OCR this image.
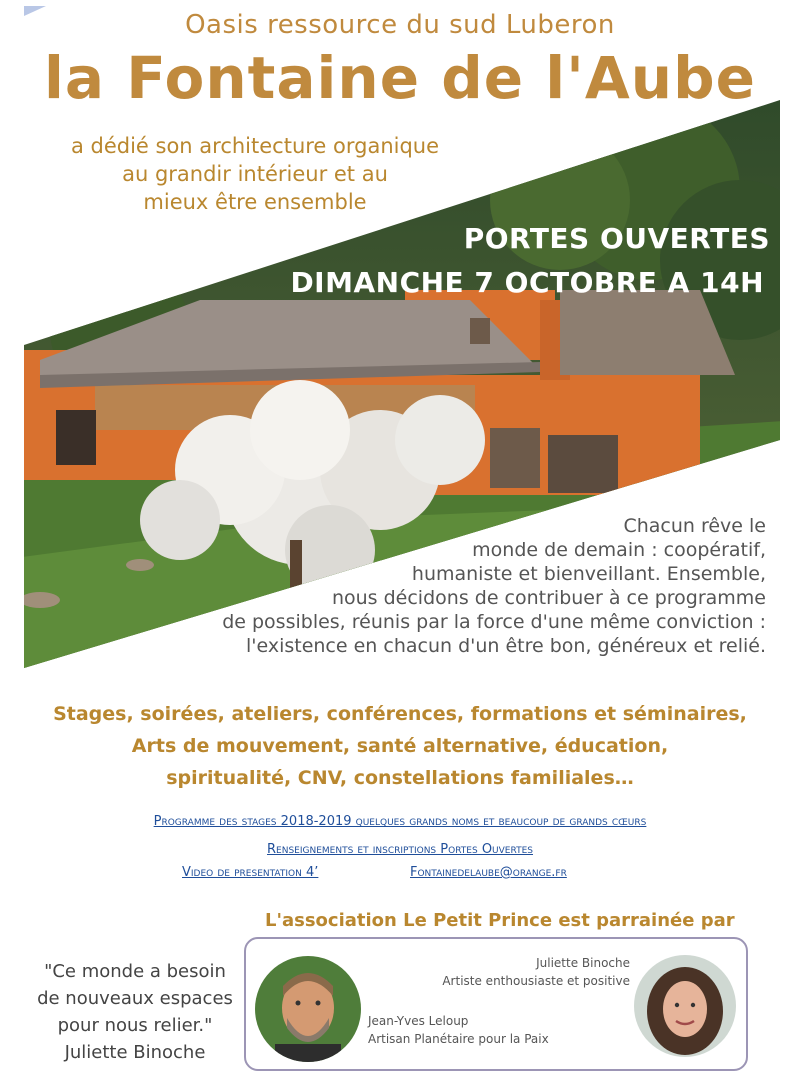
Oasis ressource du sud Luberon
la Fontaine de l'Aube
a dédié son architecture organique
au grandir intérieur et au
mieux être ensemble
PORTES OUVERTES
DIMANCHE 7 OCTOBRE A 14H
Chacun rêve le
monde de demain : coopératif,
humaniste et bienveillant. Ensemble,
nous décidons de contribuer à ce programme
de possibles, réunis par la force d'une même conviction :
l'existence en chacun d'un être bon, généreux et relié.
Stages, soirées, ateliers, conférences, formations et séminaires,
Arts de mouvement, santé alternative, éducation,
spiritualité, CNV, constellations familiales…
Programme des stages 2018-2019 quelques grands noms et beaucoup de grands cœurs
Renseignements et inscriptions Portes Ouvertes
Video de presentation 4’	Fontainedelaube@orange.fr
L'association Le Petit Prince est parrainée par
"Ce monde a besoin
de nouveaux espaces
pour nous relier."
Juliette Binoche
Juliette Binoche
Artiste enthousiaste et positive
Jean-Yves Leloup
Artisan Planétaire pour la Paix
